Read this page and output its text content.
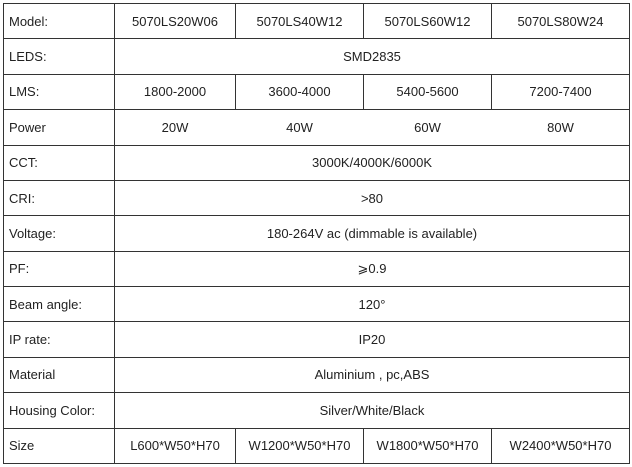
Model:	5070LS20W06	5070LS40W12	5070LS60W12	5070LS80W24
LEDS:	SMD2835			
LMS:	1800-2000	3600-4000	5400-5600	7200-7400
Power	20W	40W	60W	80W
CCT:	3000K/4000K/6000K			
CRI:	>80			
Voltage:	180-264V ac (dimmable is available)			
PF:	⩾0.9			
Beam angle:	120°			
IP rate:	IP20			
Material	Aluminium , pc,ABS			
Housing Color:	Silver/White/Black			
Size	L600*W50*H70	W1200*W50*H70	W1800*W50*H70	W2400*W50*H70
